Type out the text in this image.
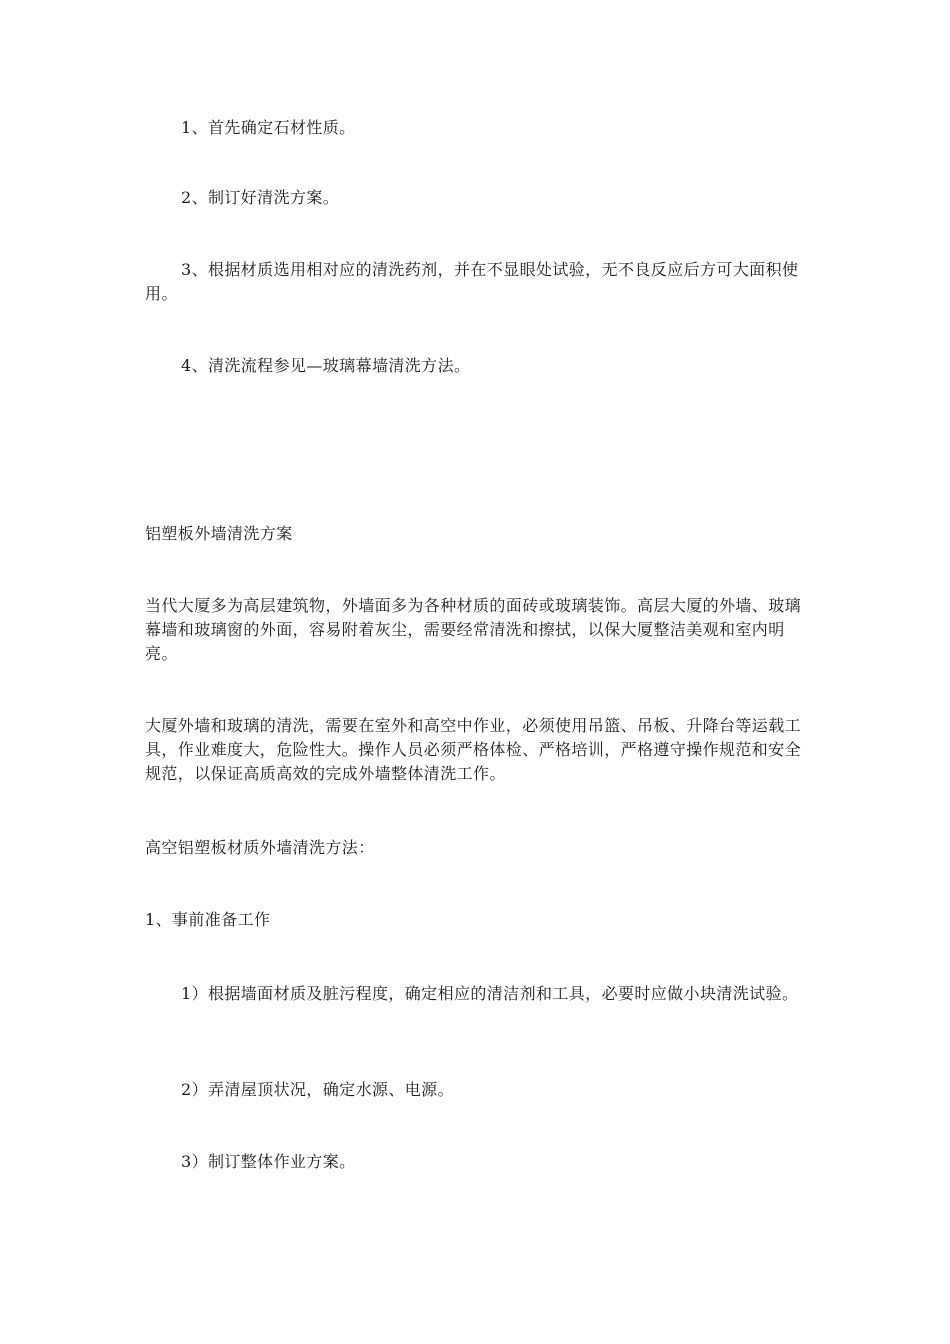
1、首先确定石材性质。

2、制订好清洗方案。

3、根据材质选用相对应的清洗药剂，并在不显眼处试验，无不良反应后方可大面积使用。

4、清洗流程参见—玻璃幕墙清洗方法。

铝塑板外墙清洗方案

当代大厦多为高层建筑物，外墙面多为各种材质的面砖或玻璃装饰。高层大厦的外墙、玻璃幕墙和玻璃窗的外面，容易附着灰尘，需要经常清洗和擦拭，以保大厦整洁美观和室内明亮。

大厦外墙和玻璃的清洗，需要在室外和高空中作业，必须使用吊篮、吊板、升降台等运载工具，作业难度大，危险性大。操作人员必须严格体检、严格培训，严格遵守操作规范和安全规范，以保证高质高效的完成外墙整体清洗工作。

高空铝塑板材质外墙清洗方法：

1、事前准备工作

1）根据墙面材质及脏污程度，确定相应的清洁剂和工具，必要时应做小块清洗试验。

2）弄清屋顶状况，确定水源、电源。

3）制订整体作业方案。
